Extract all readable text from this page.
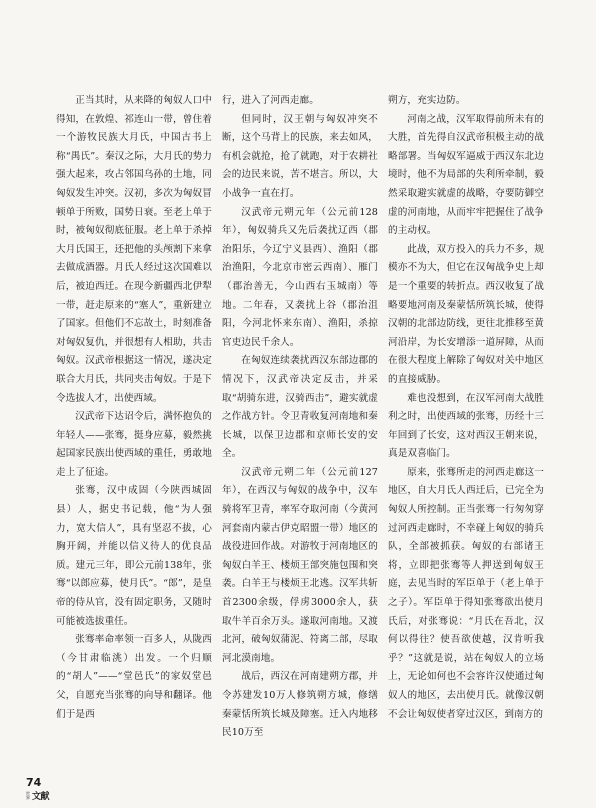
正当其时，从来降的匈奴人口中得知，在敦煌、祁连山一带，曾住着一个游牧民族大月氏，中国古书上称“禺氏”。秦汉之际，大月氏的势力强大起来，攻占邻国乌孙的土地，同匈奴发生冲突。汉初，多次为匈奴冒顿单于所败，国势日衰。至老上单于时，被匈奴彻底征服。老上单于杀掉大月氏国王，还把他的头颅割下来拿去做成酒器。月氏人经过这次国难以后，被迫西迁。在现今新疆西北伊犁一带，赶走原来的“塞人”，重新建立了国家。但他们不忘故土，时刻准备对匈奴复仇，并很想有人相助，共击匈奴。汉武帝根据这一情况，遂决定联合大月氏，共同夹击匈奴。于是下令选拔人才，出使西域。

汉武帝下达诏令后，满怀抱负的年轻人——张骞，挺身应募，毅然挑起国家民族出使西域的重任，勇敢地走上了征途。

张骞，汉中成固（今陕西城固县）人，据史书记载，他“为人强力，宽大信人”，具有坚忍不拔，心胸开阔，并能以信义待人的优良品质。建元三年，即公元前138年，张骞“以郎应募，使月氏”。“郎”，是皇帝的侍从官，没有固定职务，又随时可能被选拔重任。

张骞率命率领一百多人，从陇西（今甘肃临洮）出发。一个归顺的“胡人”——“堂邑氏”的家奴堂邑父，自愿充当张骞的向导和翻译。他们于是西

行，进入了河西走廊。

但同时，汉王朝与匈奴冲突不断，这个马背上的民族，来去如风，有机会就抢，抢了就跑，对于农耕社会的边民来说，苦不堪言。所以，大小战争一直在打。

汉武帝元朔元年（公元前128年），匈奴骑兵又先后袭扰辽西（郡治阳乐，今辽宁义县西）、渔阳（郡治渔阳，今北京市密云西南）、雁门（郡治善无，今山西右玉城南）等地。二年春，又袭扰上谷（郡治沮阳，今河北怀来东南）、渔阳，杀掠官吏边民千余人。

在匈奴连续袭扰西汉东部边郡的情况下，汉武帝决定反击，并采取“胡骑东进，汉骑西击”，避实就虚之作战方针。令卫青收复河南地和秦长城，以保卫边郡和京师长安的安全。

汉武帝元朔二年（公元前127年），在西汉与匈奴的战争中，汉车骑将军卫青，率军夺取河南（今黄河河套南内蒙古伊克昭盟一带）地区的战役进回作战。对游牧于河南地区的匈奴白羊王、楼烦王部突施包围和突袭。白羊王与楼烦王北逃。汉军共斩首2300余级，俘虏3000余人，获取牛羊百余万头。遂取河南地。又渡北河，破匈奴蒲泥、符离二部，尽取河北漠南地。

战后，西汉在河南建朔方郡，并令苏建发10万人修筑朔方城，修缮秦蒙恬所筑长城及障塞。迁入内地移民10万至

朔方，充实边防。

河南之战，汉军取得前所未有的大胜，首先得自汉武帝积极主动的战略部署。当匈奴军逼威于西汉东北边境时，他不为局部的失利所牵制，毅然采取避实就虚的战略，夺要防御空虚的河南地，从而牢牢把握住了战争的主动权。

此战，双方投入的兵力不多，规模亦不为大，但它在汉匈战争史上却是一个重要的转折点。西汉收复了战略要地河南及秦蒙恬所筑长城，使得汉朝的北部边防线，更往北推移至黄河沿岸，为长安增添一道屏障，从而在很大程度上解除了匈奴对关中地区的直接威胁。

难也没想到，在汉军河南大战胜利之时，出使西域的张骞，历经十三年回到了长安，这对西汉王朝来说，真是双喜临门。

原来，张骞所走的河西走廊这一地区，自大月氏人西迁后，已完全为匈奴人所控制。正当张骞一行匆匆穿过河西走廊时，不幸碰上匈奴的骑兵队，全部被抓获。匈奴的右部诸王将，立即把张骞等人押送到匈奴王庭，去见当时的军臣单于（老上单于之子）。军臣单于得知张骞欲出使月氏后，对张骞说：“月氏在吾北，汉何以得往？使吾欲使越，汉肯听我乎？”这就是说，站在匈奴人的立场上，无论如何也不会容许汉使通过匈奴人的地区，去出使月氏。就像汉朝不会让匈奴使者穿过汉区，到南方的

74
世界 文献
